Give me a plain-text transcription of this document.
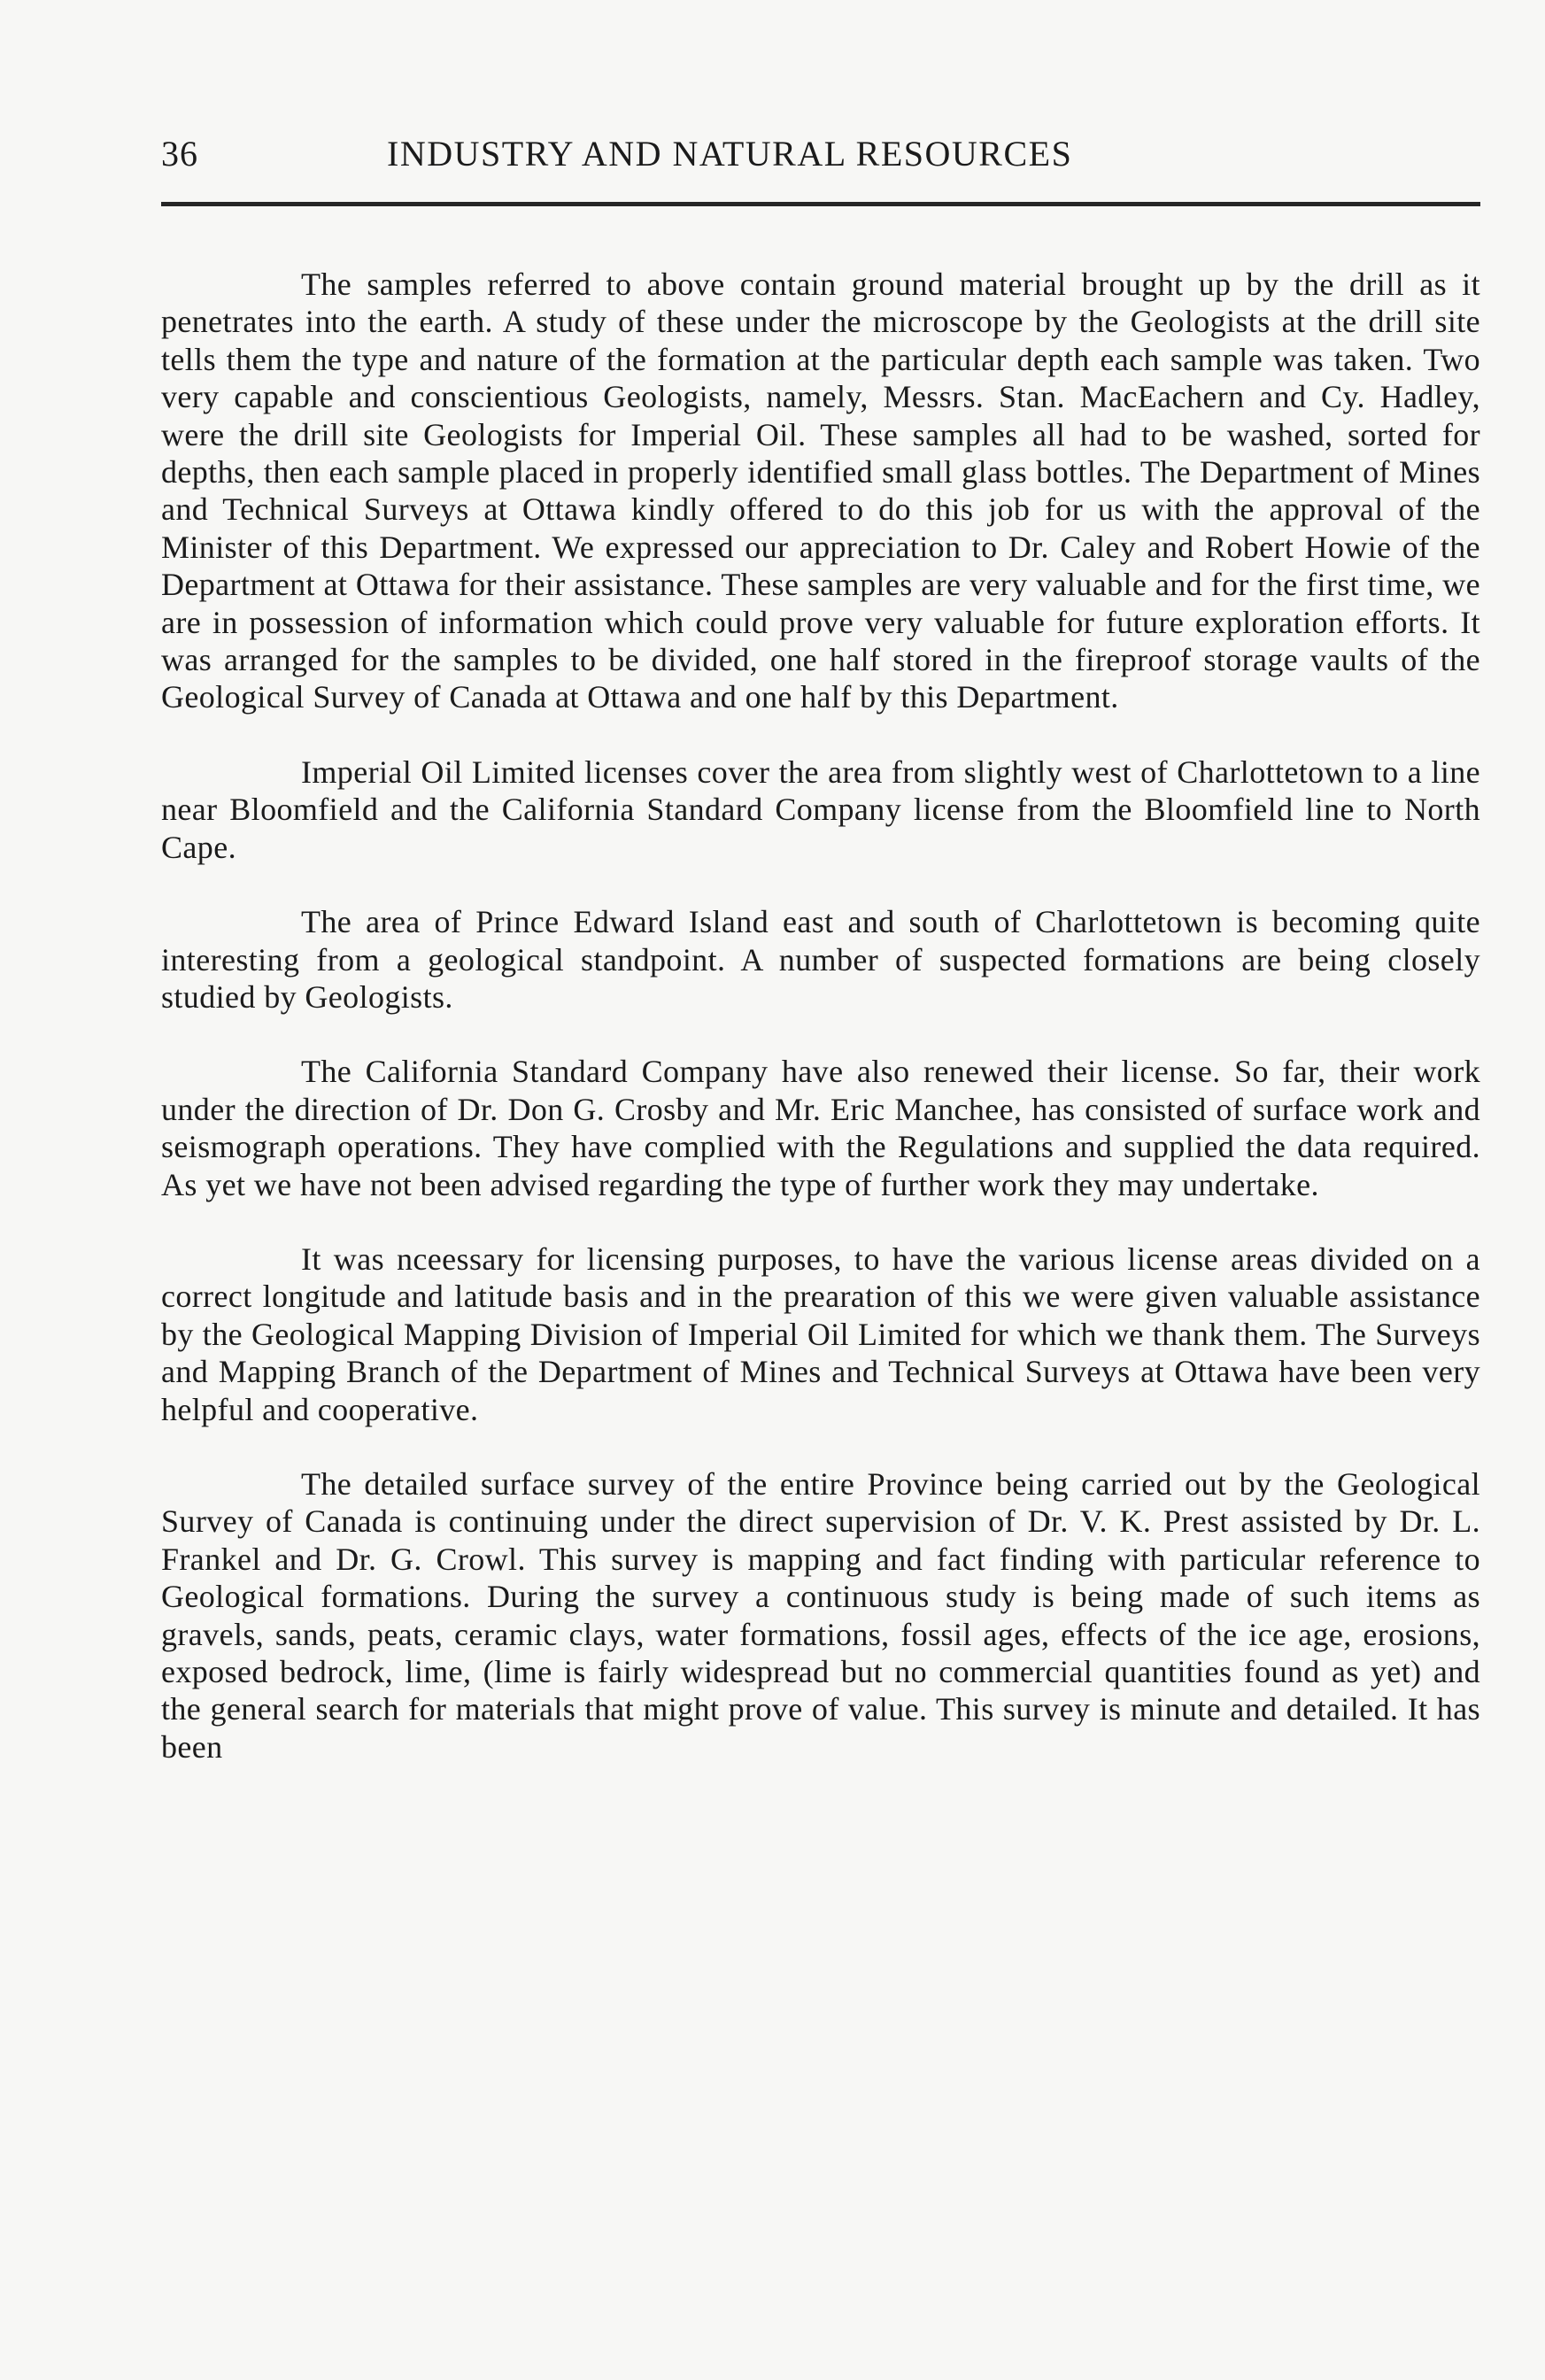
36	INDUSTRY AND NATURAL RESOURCES

The samples referred to above contain ground material brought up by the drill as it penetrates into the earth. A study of these under the microscope by the Geologists at the drill site tells them the type and nature of the formation at the particular depth each sample was taken. Two very capable and conscientious Geologists, namely, Messrs. Stan. MacEachern and Cy. Hadley, were the drill site Geologists for Imperial Oil. These samples all had to be washed, sorted for depths, then each sample placed in properly identified small glass bottles. The Department of Mines and Technical Surveys at Ottawa kindly offered to do this job for us with the approval of the Minister of this Department. We expressed our appreciation to Dr. Caley and Robert Howie of the Department at Ottawa for their assistance. These samples are very valuable and for the first time, we are in possession of information which could prove very valuable for future exploration efforts. It was arranged for the samples to be divided, one half stored in the fireproof storage vaults of the Geological Survey of Canada at Ottawa and one half by this Department.

Imperial Oil Limited licenses cover the area from slightly west of Charlottetown to a line near Bloomfield and the California Standard Company license from the Bloomfield line to North Cape.

The area of Prince Edward Island east and south of Charlottetown is becoming quite interesting from a geological standpoint. A number of suspected formations are being closely studied by Geologists.

The California Standard Company have also renewed their license. So far, their work under the direction of Dr. Don G. Crosby and Mr. Eric Manchee, has consisted of surface work and seismograph operations. They have complied with the Regulations and supplied the data required. As yet we have not been advised regarding the type of further work they may undertake.

It was nceessary for licensing purposes, to have the various license areas divided on a correct longitude and latitude basis and in the prearation of this we were given valuable assistance by the Geological Mapping Division of Imperial Oil Limited for which we thank them. The Surveys and Mapping Branch of the Department of Mines and Technical Surveys at Ottawa have been very helpful and cooperative.

The detailed surface survey of the entire Province being carried out by the Geological Survey of Canada is continuing under the direct supervision of Dr. V. K. Prest assisted by Dr. L. Frankel and Dr. G. Crowl. This survey is mapping and fact finding with particular reference to Geological formations. During the survey a continuous study is being made of such items as gravels, sands, peats, ceramic clays, water formations, fossil ages, effects of the ice age, erosions, exposed bedrock, lime, (lime is fairly widespread but no commercial quantities found as yet) and the general search for materials that might prove of value. This survey is minute and detailed. It has been
